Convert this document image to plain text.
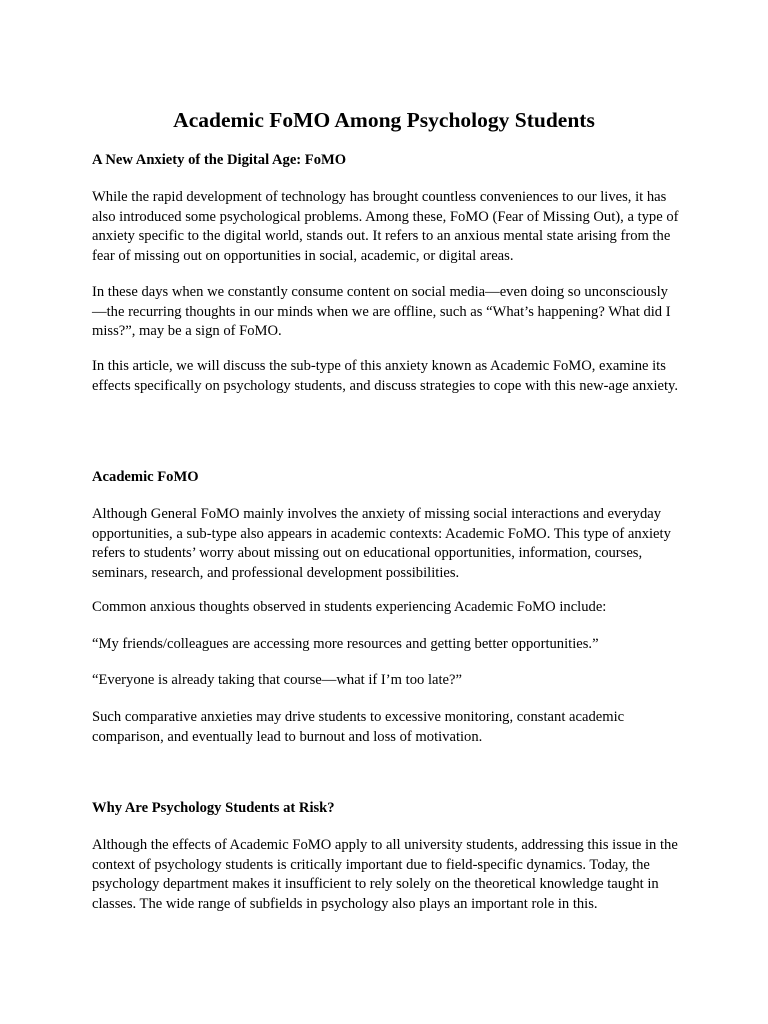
Academic FoMO Among Psychology Students
A New Anxiety of the Digital Age: FoMO

While the rapid development of technology has brought countless conveniences to our lives, it has also introduced some psychological problems. Among these, FoMO (Fear of Missing Out), a type of anxiety specific to the digital world, stands out. It refers to an anxious mental state arising from the fear of missing out on opportunities in social, academic, or digital areas.

In these days when we constantly consume content on social media—even doing so unconsciously—the recurring thoughts in our minds when we are offline, such as “What’s happening? What did I miss?”, may be a sign of FoMO.

In this article, we will discuss the sub-type of this anxiety known as Academic FoMO, examine its effects specifically on psychology students, and discuss strategies to cope with this new-age anxiety.

Academic FoMO

Although General FoMO mainly involves the anxiety of missing social interactions and everyday opportunities, a sub-type also appears in academic contexts: Academic FoMO. This type of anxiety refers to students’ worry about missing out on educational opportunities, information, courses, seminars, research, and professional development possibilities.

Common anxious thoughts observed in students experiencing Academic FoMO include:

“My friends/colleagues are accessing more resources and getting better opportunities.”

“Everyone is already taking that course—what if I’m too late?”

Such comparative anxieties may drive students to excessive monitoring, constant academic comparison, and eventually lead to burnout and loss of motivation.

Why Are Psychology Students at Risk?

Although the effects of Academic FoMO apply to all university students, addressing this issue in the context of psychology students is critically important due to field-specific dynamics. Today, the psychology department makes it insufficient to rely solely on the theoretical knowledge taught in classes. The wide range of subfields in psychology also plays an important role in this.
